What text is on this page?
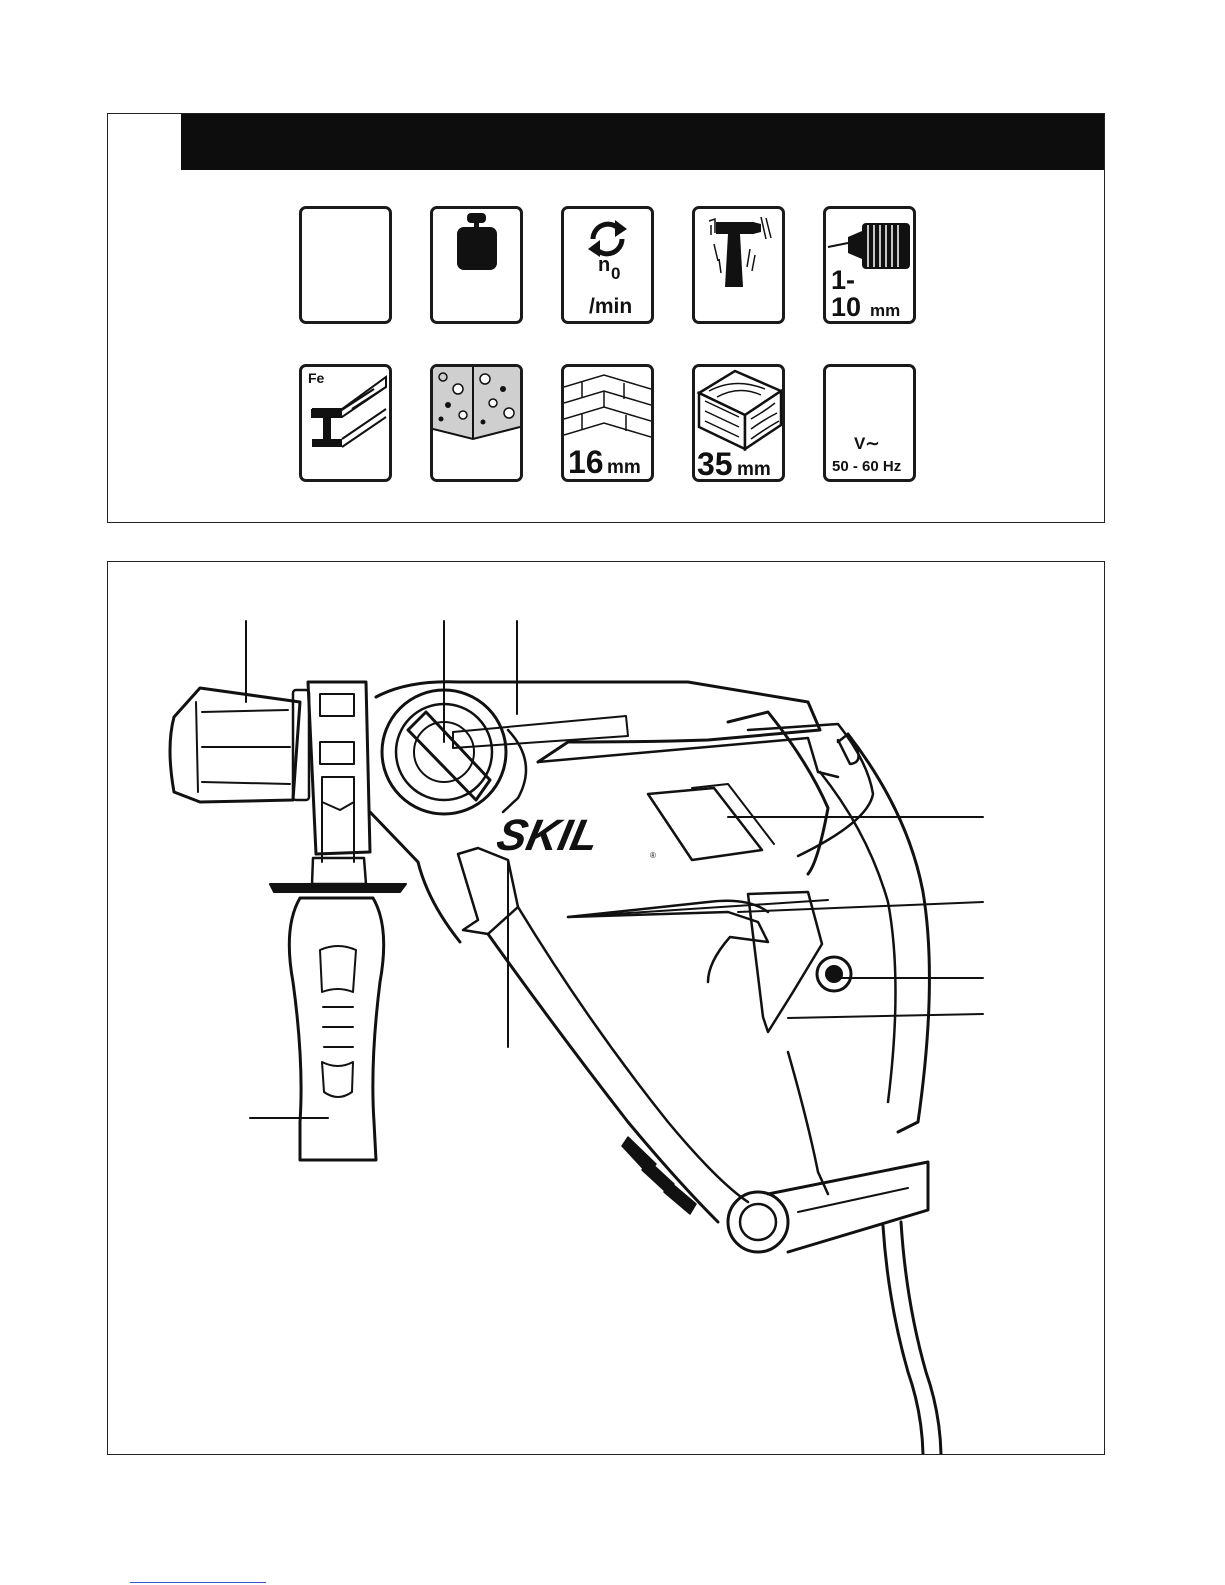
n 0
/min
1-
10 mm
Fe
16 mm 35 mm
V∼
50 - 60 Hz
SKIL	®
